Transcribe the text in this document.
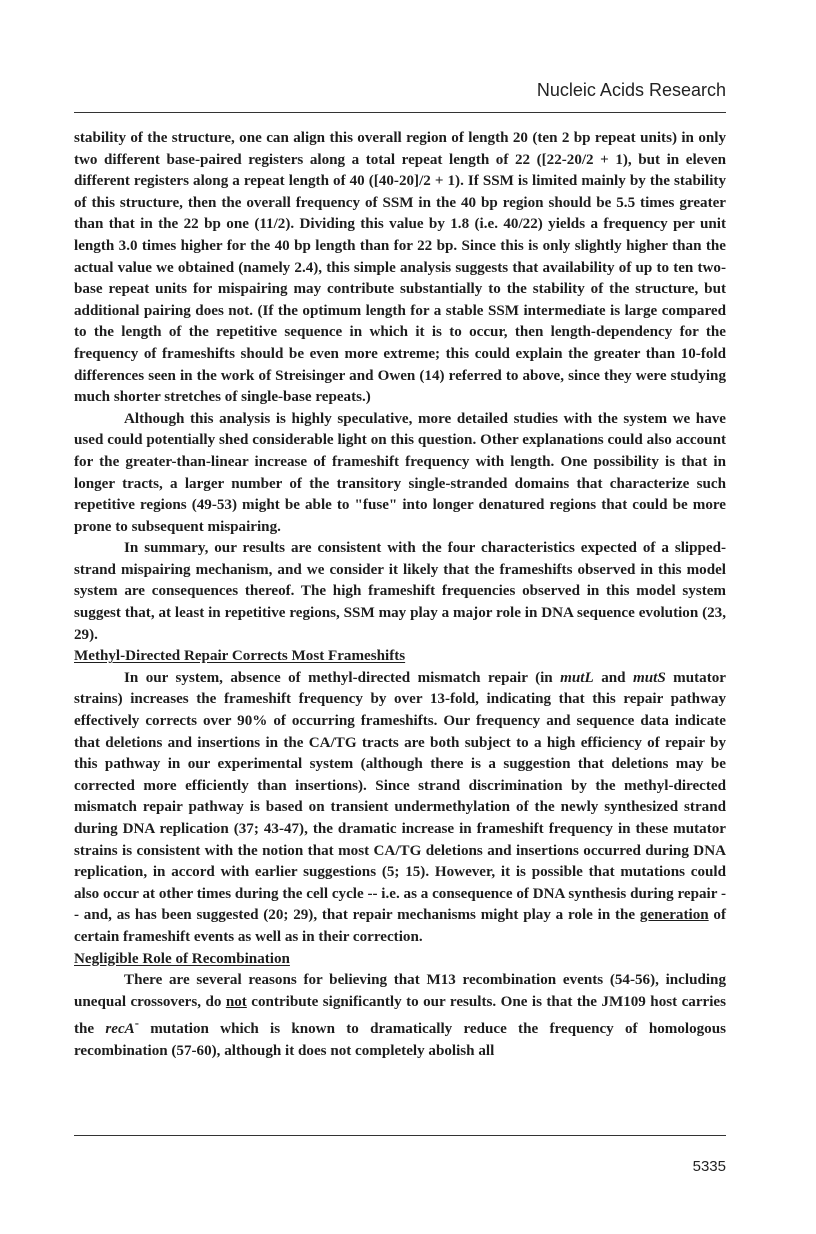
Nucleic Acids Research

stability of the structure, one can align this overall region of length 20 (ten 2 bp repeat units) in only two different base-paired registers along a total repeat length of 22 ([22-20/2 + 1), but in eleven different registers along a repeat length of 40 ([40-20]/2 + 1). If SSM is limited mainly by the stability of this structure, then the overall frequency of SSM in the 40 bp region should be 5.5 times greater than that in the 22 bp one (11/2). Dividing this value by 1.8 (i.e. 40/22) yields a frequency per unit length 3.0 times higher for the 40 bp length than for 22 bp. Since this is only slightly higher than the actual value we obtained (namely 2.4), this simple analysis suggests that availability of up to ten two-base repeat units for mispairing may contribute substantially to the stability of the structure, but additional pairing does not. (If the optimum length for a stable SSM intermediate is large compared to the length of the repetitive sequence in which it is to occur, then length-dependency for the frequency of frameshifts should be even more extreme; this could explain the greater than 10-fold differences seen in the work of Streisinger and Owen (14) referred to above, since they were studying much shorter stretches of single-base repeats.)

Although this analysis is highly speculative, more detailed studies with the system we have used could potentially shed considerable light on this question. Other explanations could also account for the greater-than-linear increase of frameshift frequency with length. One possibility is that in longer tracts, a larger number of the transitory single-stranded domains that characterize such repetitive regions (49-53) might be able to "fuse" into longer denatured regions that could be more prone to subsequent mispairing.

In summary, our results are consistent with the four characteristics expected of a slipped-strand mispairing mechanism, and we consider it likely that the frameshifts observed in this model system are consequences thereof. The high frameshift frequencies observed in this model system suggest that, at least in repetitive regions, SSM may play a major role in DNA sequence evolution (23, 29).

Methyl-Directed Repair Corrects Most Frameshifts

In our system, absence of methyl-directed mismatch repair (in mutL and mutS mutator strains) increases the frameshift frequency by over 13-fold, indicating that this repair pathway effectively corrects over 90% of occurring frameshifts. Our frequency and sequence data indicate that deletions and insertions in the CA/TG tracts are both subject to a high efficiency of repair by this pathway in our experimental system (although there is a suggestion that deletions may be corrected more efficiently than insertions). Since strand discrimination by the methyl-directed mismatch repair pathway is based on transient undermethylation of the newly synthesized strand during DNA replication (37; 43-47), the dramatic increase in frameshift frequency in these mutator strains is consistent with the notion that most CA/TG deletions and insertions occurred during DNA replication, in accord with earlier suggestions (5; 15). However, it is possible that mutations could also occur at other times during the cell cycle -- i.e. as a consequence of DNA synthesis during repair -- and, as has been suggested (20; 29), that repair mechanisms might play a role in the generation of certain frameshift events as well as in their correction.

Negligible Role of Recombination

There are several reasons for believing that M13 recombination events (54-56), including unequal crossovers, do not contribute significantly to our results. One is that the JM109 host carries the recA- mutation which is known to dramatically reduce the frequency of homologous recombination (57-60), although it does not completely abolish all

5335
